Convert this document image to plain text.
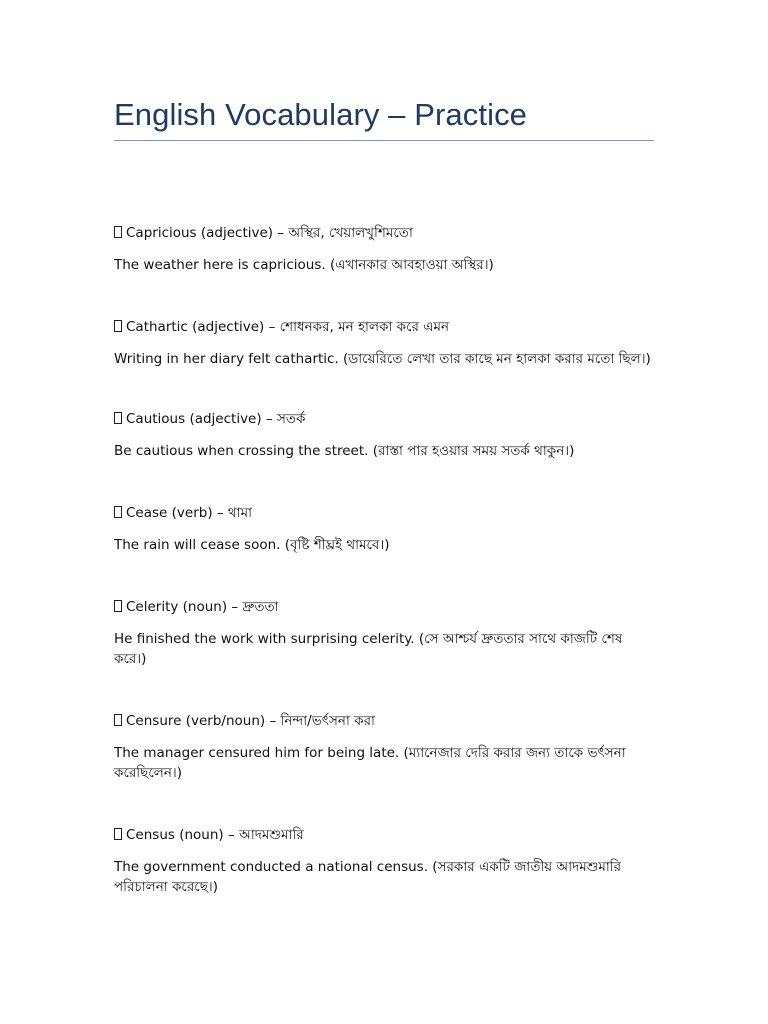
English Vocabulary – Practice

Capricious (adjective) – অস্থির, খেয়ালখুশিমতো

The weather here is capricious. (এখানকার আবহাওয়া অস্থির।)

Cathartic (adjective) – শোধনকর, মন হালকা করে এমন

Writing in her diary felt cathartic. (ডায়েরিতে লেখা তার কাছে মন হালকা করার মতো ছিল।)

Cautious (adjective) – সতর্ক

Be cautious when crossing the street. (রাস্তা পার হওয়ার সময় সতর্ক থাকুন।)

Cease (verb) – থামা

The rain will cease soon. (বৃষ্টি শীঘ্রই থামবে।)

Celerity (noun) – দ্রুততা

He finished the work with surprising celerity. (সে আশ্চর্য দ্রুততার সাথে কাজটি শেষ করে।)

Censure (verb/noun) – নিন্দা/ভর্ৎসনা করা

The manager censured him for being late. (ম্যানেজার দেরি করার জন্য তাকে ভর্ৎসনা করেছিলেন।)

Census (noun) – আদমশুমারি

The government conducted a national census. (সরকার একটি জাতীয় আদমশুমারি পরিচালনা করেছে।)
